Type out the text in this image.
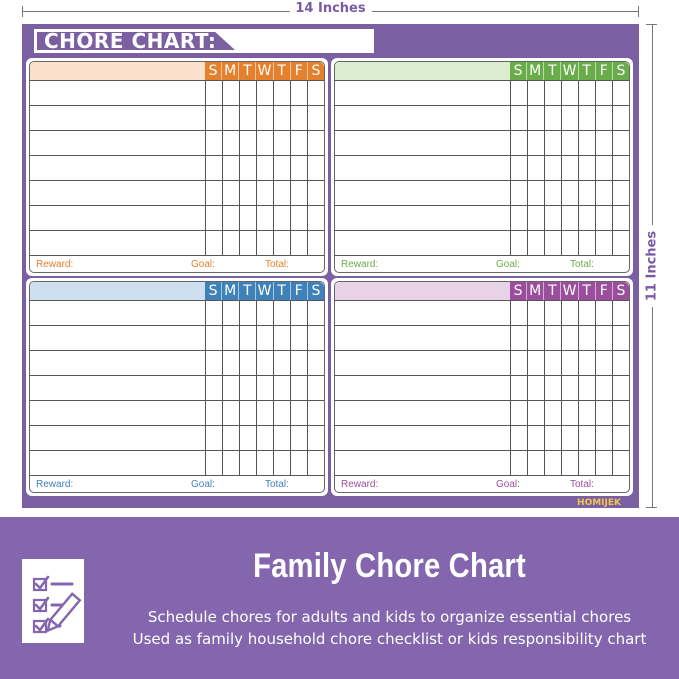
14 Inches
11 Inches
CHORE CHART:
S M T W T F S
Reward:	Goal:	Total:
S M T W T F S
Reward:	Goal:	Total:
S M T W T F S
Reward:	Goal:	Total:
S M T W T F S
Reward:	Goal:	Total:
HOMIJEK
Family Chore Chart
Schedule chores for adults and kids to organize essential chores
Used as family household chore checklist or kids responsibility chart
